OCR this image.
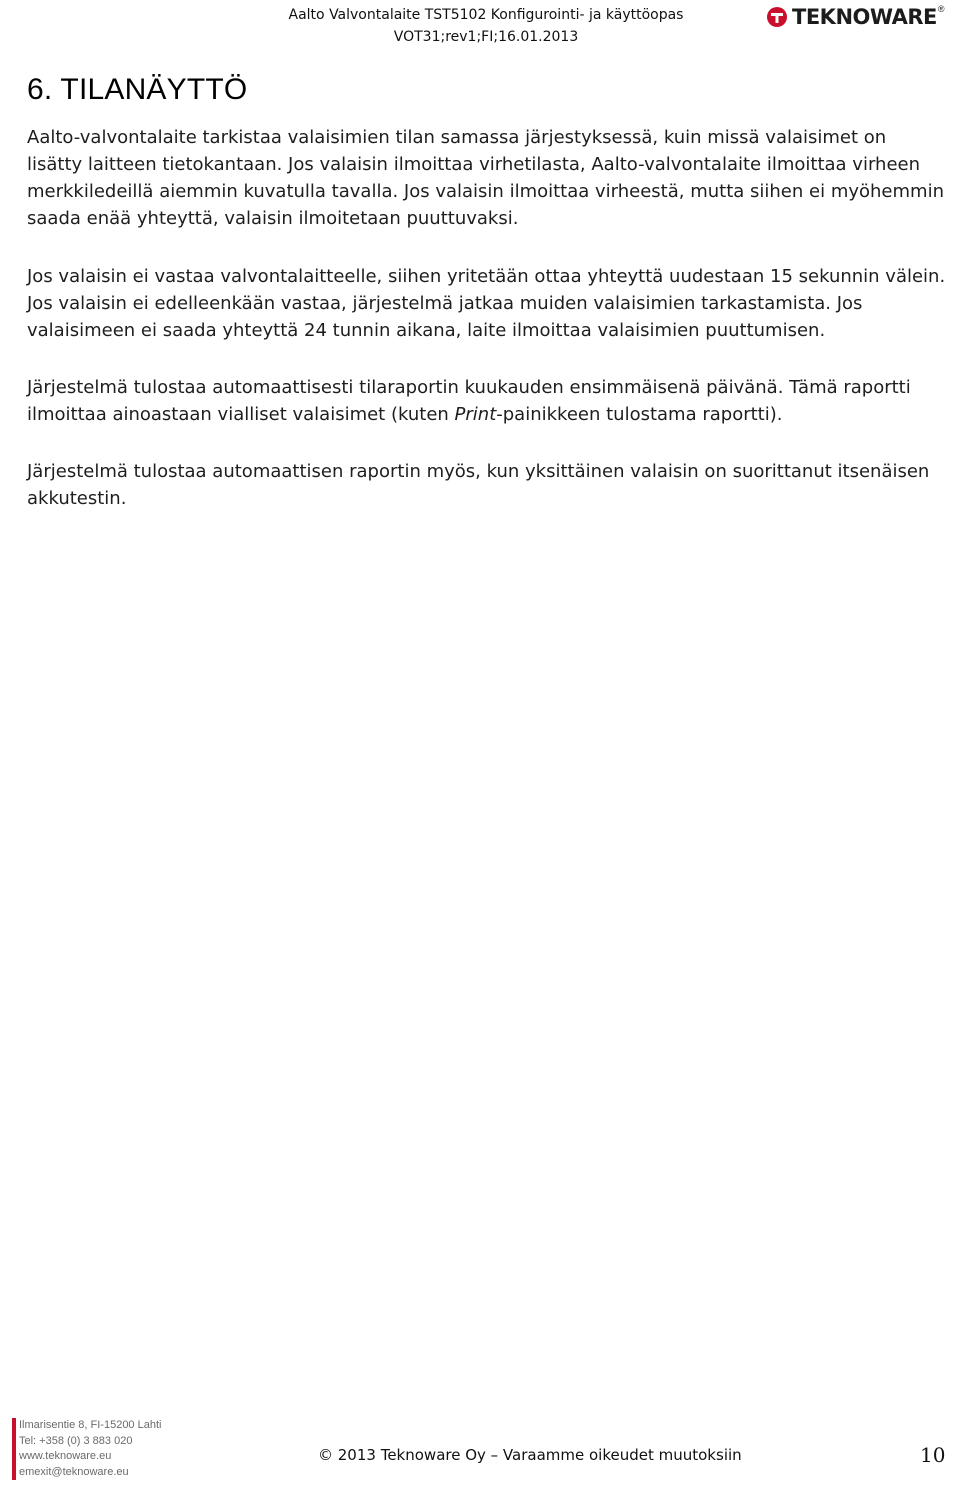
Aalto Valvontalaite TST5102 Konfigurointi- ja käyttöopas
VOT31;rev1;FI;16.01.2013
TEKNOWARE ®
6. TILANÄYTTÖ

Aalto-valvontalaite tarkistaa valaisimien tilan samassa järjestyksessä, kuin missä valaisimet on lisätty laitteen tietokantaan. Jos valaisin ilmoittaa virhetilasta, Aalto-valvontalaite ilmoittaa virheen merkkiledeillä aiemmin kuvatulla tavalla. Jos valaisin ilmoittaa virheestä, mutta siihen ei myöhemmin saada enää yhteyttä, valaisin ilmoitetaan puuttuvaksi.

Jos valaisin ei vastaa valvontalaitteelle, siihen yritetään ottaa yhteyttä uudestaan 15 sekunnin välein. Jos valaisin ei edelleenkään vastaa, järjestelmä jatkaa muiden valaisimien tarkastamista. Jos valaisimeen ei saada yhteyttä 24 tunnin aikana, laite ilmoittaa valaisimien puuttumisen.

Järjestelmä tulostaa automaattisesti tilaraportin kuukauden ensimmäisenä päivänä. Tämä raportti ilmoittaa ainoastaan vialliset valaisimet (kuten Print-painikkeen tulostama raportti).

Järjestelmä tulostaa automaattisen raportin myös, kun yksittäinen valaisin on suorittanut itsenäisen akkutestin.

Ilmarisentie 8, FI-15200 Lahti
Tel: +358 (0) 3 883 020
www.teknoware.eu
emexit@teknoware.eu
© 2013 Teknoware Oy – Varaamme oikeudet muutoksiin	10
